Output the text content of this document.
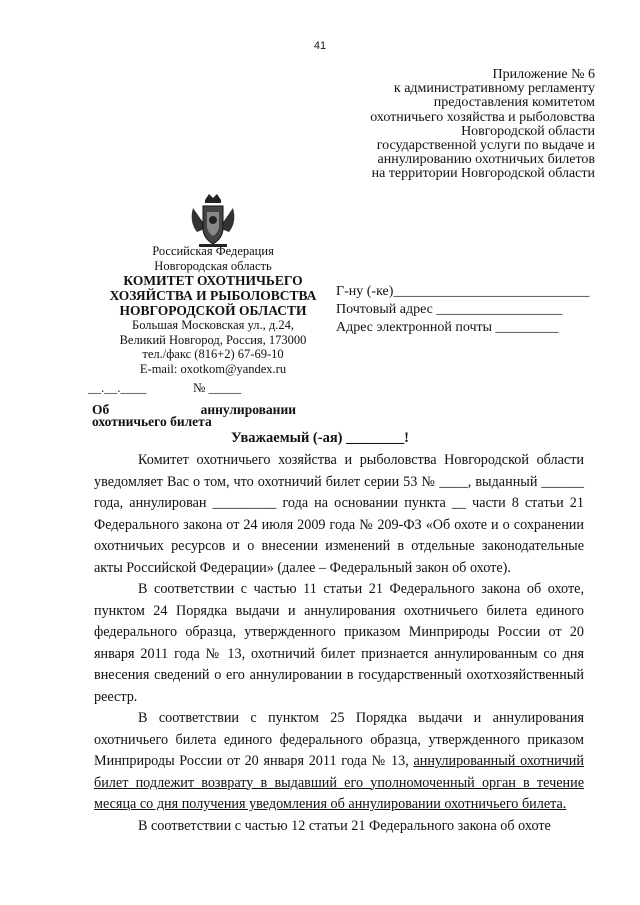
41
Приложение № 6
к административному регламенту
предоставления комитетом
охотничьего хозяйства и рыболовства
Новгородской области
государственной услуги по выдаче и
аннулированию охотничьих билетов
на территории Новгородской области
Российская Федерация
Новгородская область
КОМИТЕТ ОХОТНИЧЬЕГО
ХОЗЯЙСТВА И РЫБОЛОВСТВА
НОВГОРОДСКОЙ ОБЛАСТИ
Большая Московская ул., д.24,
Великий Новгород, Россия, 173000
тел./факс (816+2) 67-69-10
E-mail: oxotkom@yandex.ru
__.__.____	№ _____
Г-ну (-ке)____________________________
Почтовый адрес __________________
Адрес электронной почты _________
Об аннулировании
охотничьего билета
Уважаемый (-ая) ________!

Комитет охотничьего хозяйства и рыболовства Новгородской области уведомляет Вас о том, что охотничий билет серии 53 № ____, выданный ______ года, аннулирован _________ года на основании пункта __ части 8 статьи 21 Федерального закона от 24 июля 2009 года № 209-ФЗ «Об охоте и о сохранении охотничьих ресурсов и о внесении изменений в отдельные законодательные акты Российской Федерации» (далее – Федеральный закон об охоте).

В соответствии с частью 11 статьи 21 Федерального закона об охоте, пунктом 24 Порядка выдачи и аннулирования охотничьего билета единого федерального образца, утвержденного приказом Минприроды России от 20 января 2011 года № 13, охотничий билет признается аннулированным со дня внесения сведений о его аннулировании в государственный охотхозяйственный реестр.

В соответствии с пунктом 25 Порядка выдачи и аннулирования охотничьего билета единого федерального образца, утвержденного приказом Минприроды России от 20 января 2011 года № 13, аннулированный охотничий билет подлежит возврату в выдавший его уполномоченный орган в течение месяца со дня получения уведомления об аннулировании охотничьего билета.

В соответствии с частью 12 статьи 21 Федерального закона об охоте
